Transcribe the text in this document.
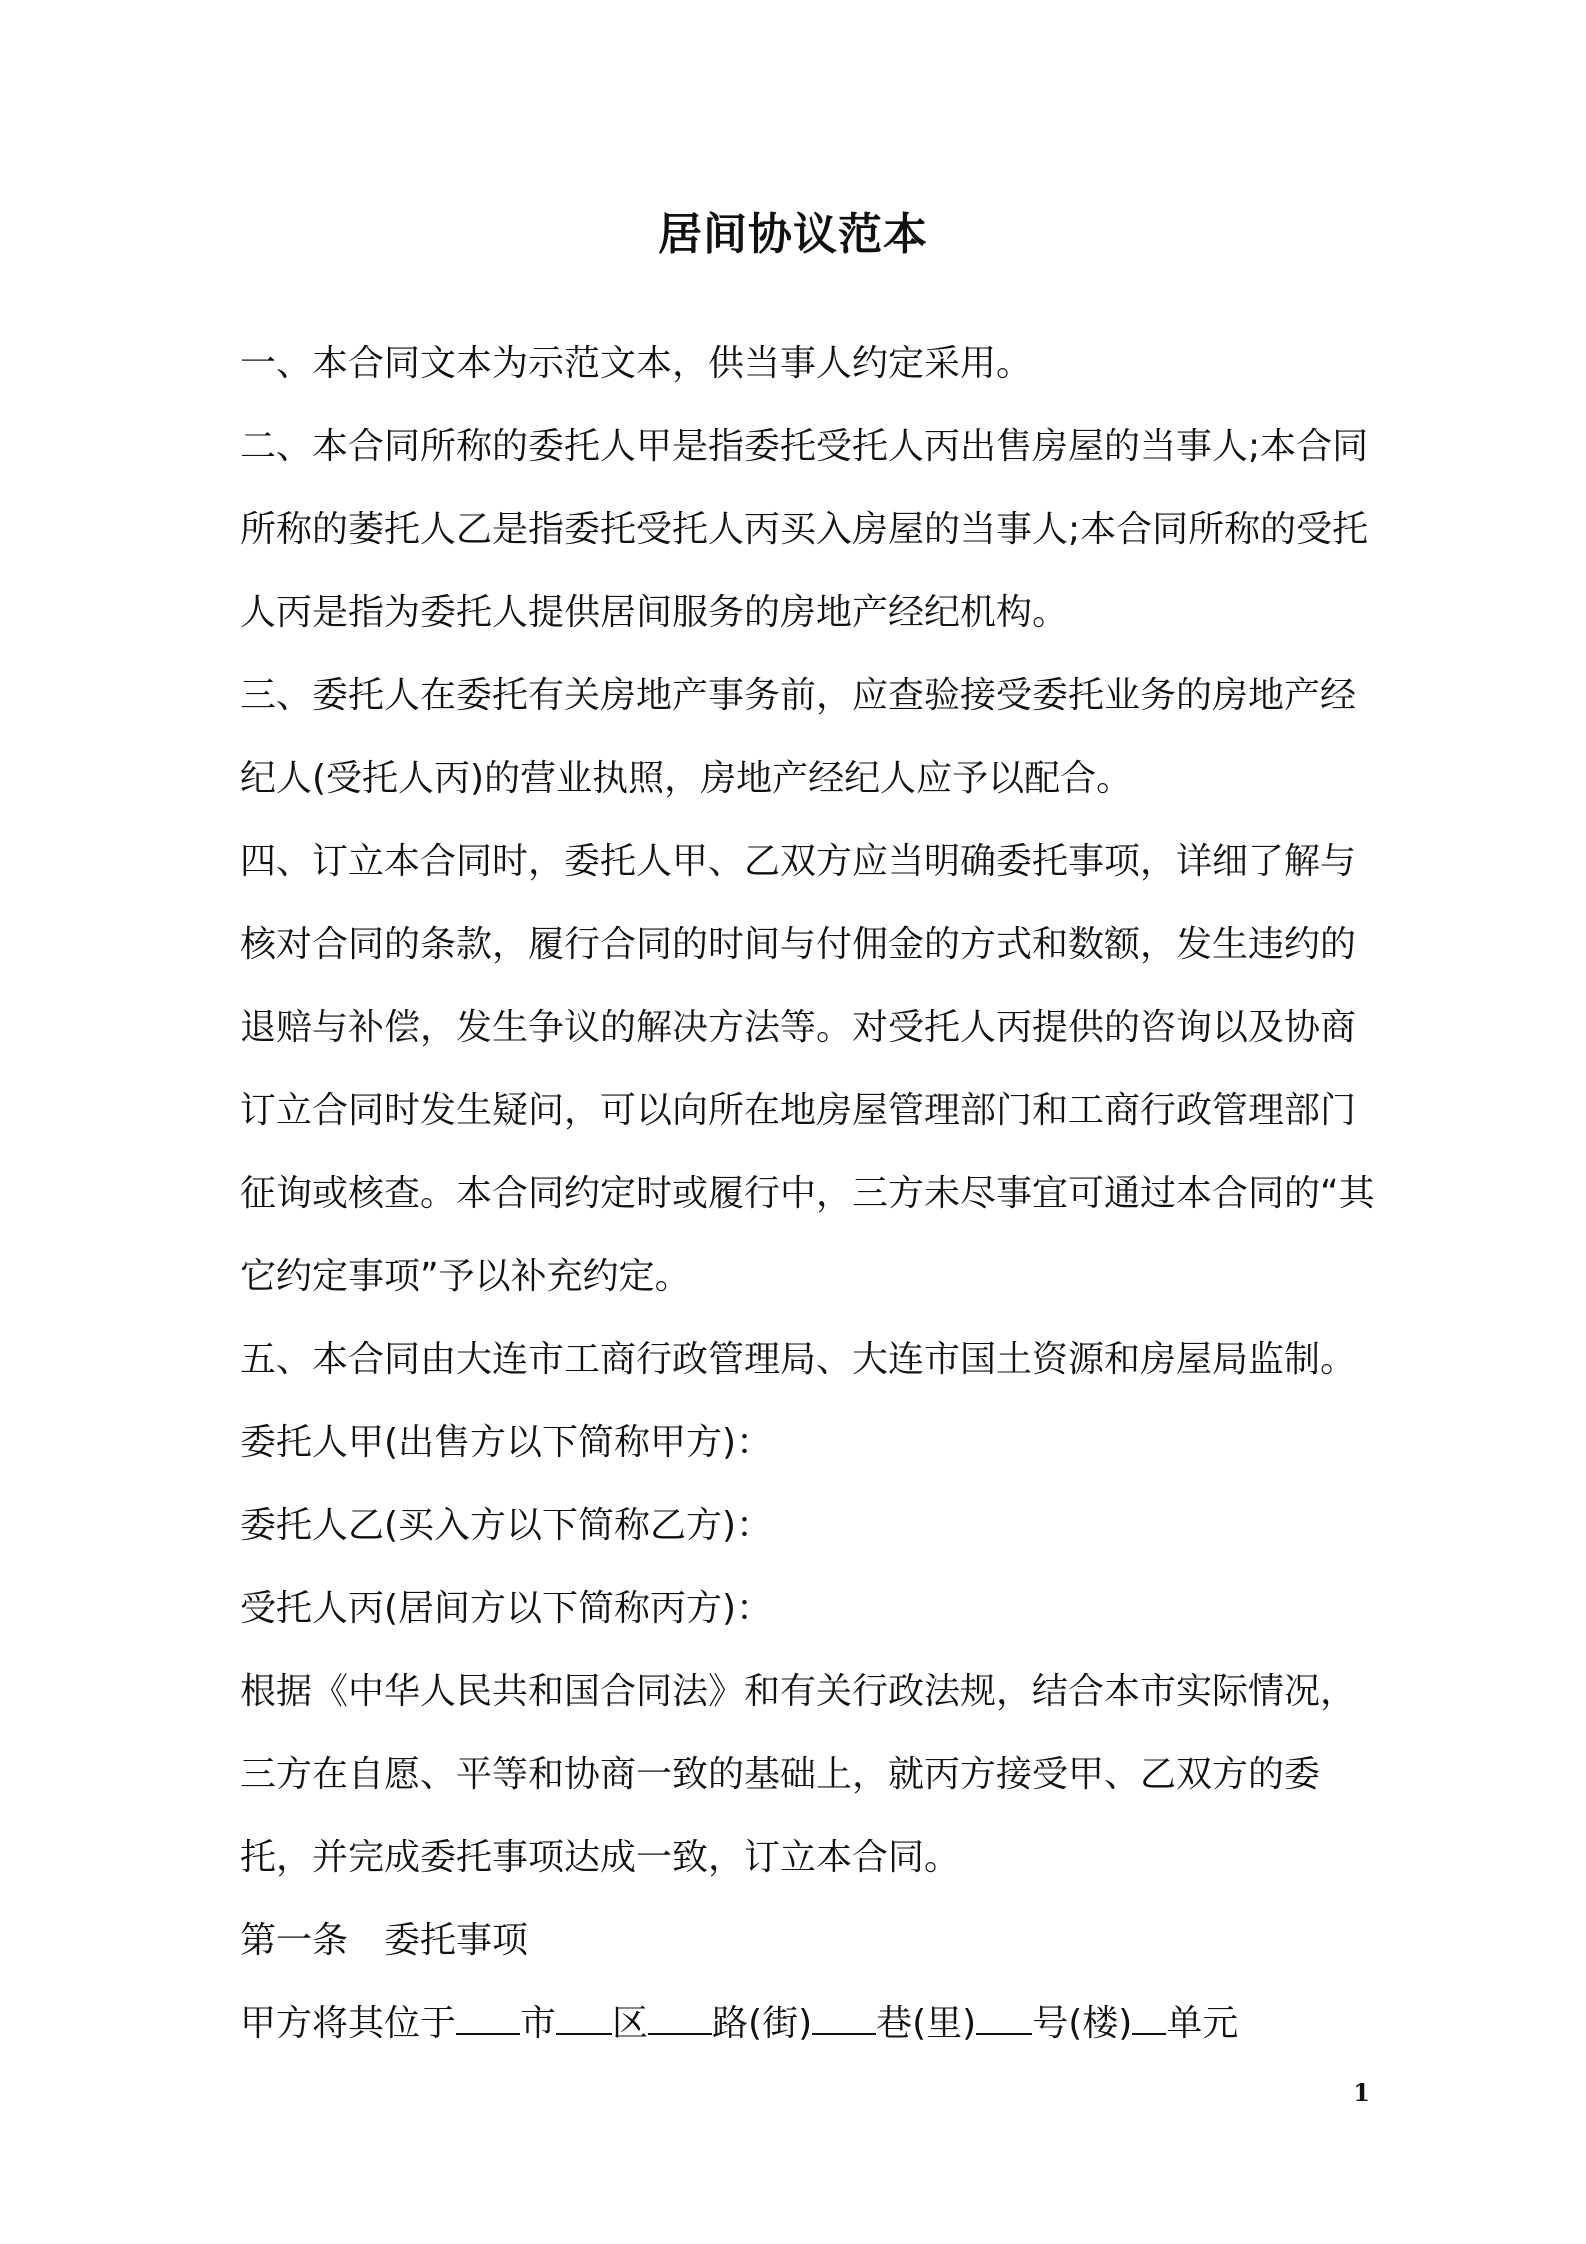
居间协议范本

一、本合同文本为示范文本，供当事人约定采用。

二、本合同所称的委托人甲是指委托受托人丙出售房屋的当事人;本合同所称的萎托人乙是指委托受托人丙买入房屋的当事人;本合同所称的受托人丙是指为委托人提供居间服务的房地产经纪机构。

三、委托人在委托有关房地产事务前，应查验接受委托业务的房地产经纪人(受托人丙)的营业执照，房地产经纪人应予以配合。

四、订立本合同时，委托人甲、乙双方应当明确委托事项，详细了解与核对合同的条款，履行合同的时间与付佣金的方式和数额，发生违约的退赔与补偿，发生争议的解决方法等。对受托人丙提供的咨询以及协商订立合同时发生疑问，可以向所在地房屋管理部门和工商行政管理部门征询或核查。本合同约定时或履行中，三方未尽事宜可通过本合同的“其它约定事项”予以补充约定。

五、本合同由大连市工商行政管理局、大连市国土资源和房屋局监制。

委托人甲(出售方以下简称甲方)：

委托人乙(买入方以下简称乙方)：

受托人丙(居间方以下简称丙方)：

根据《中华人民共和国合同法》和有关行政法规，结合本市实际情况，三方在自愿、平等和协商一致的基础上，就丙方接受甲、乙双方的委托，并完成委托事项达成一致，订立本合同。

第一条 委托事项

甲方将其位于 市 区 路(街) 巷(里) 号(楼) 单元

1
